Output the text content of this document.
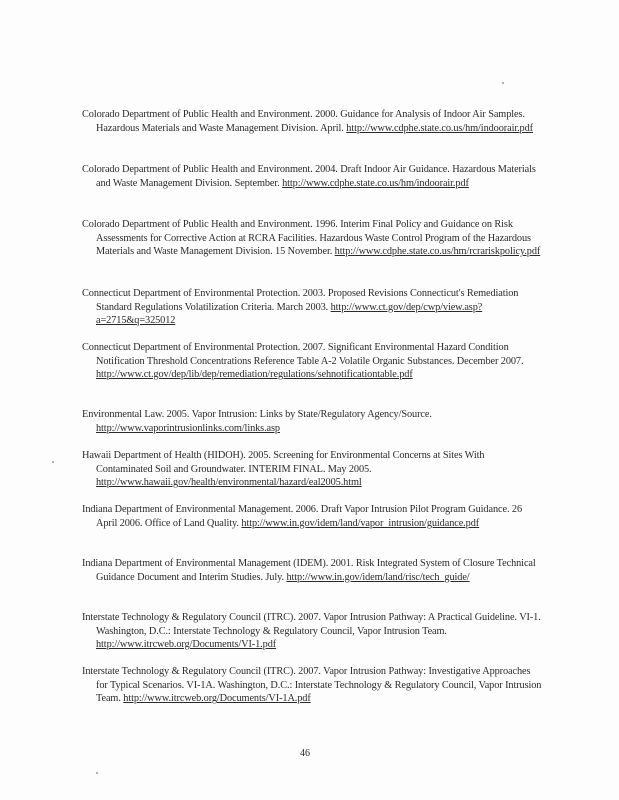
Colorado Department of Public Health and Environment. 2000. Guidance for Analysis of Indoor Air Samples. Hazardous Materials and Waste Management Division. April. http://www.cdphe.state.co.us/hm/indoorair.pdf
Colorado Department of Public Health and Environment. 2004. Draft Indoor Air Guidance. Hazardous Materials and Waste Management Division. September. http://www.cdphe.state.co.us/hm/indoorair.pdf
Colorado Department of Public Health and Environment. 1996. Interim Final Policy and Guidance on Risk Assessments for Corrective Action at RCRA Facilities. Hazardous Waste Control Program of the Hazardous Materials and Waste Management Division. 15 November. http://www.cdphe.state.co.us/hm/rcrariskpolicy.pdf
Connecticut Department of Environmental Protection. 2003. Proposed Revisions Connecticut's Remediation Standard Regulations Volatilization Criteria. March 2003. http://www.ct.gov/dep/cwp/view.asp?a=2715&q=325012
Connecticut Department of Environmental Protection. 2007. Significant Environmental Hazard Condition Notification Threshold Concentrations Reference Table A-2 Volatile Organic Substances. December 2007. http://www.ct.gov/dep/lib/dep/remediation/regulations/sehnotificationtable.pdf
Environmental Law. 2005. Vapor Intrusion: Links by State/Regulatory Agency/Source. http://www.vaporintrusionlinks.com/links.asp
Hawaii Department of Health (HIDOH). 2005. Screening for Environmental Concerns at Sites With Contaminated Soil and Groundwater. INTERIM FINAL. May 2005. http://www.hawaii.gov/health/environmental/hazard/eal2005.html
Indiana Department of Environmental Management. 2006. Draft Vapor Intrusion Pilot Program Guidance. 26 April 2006. Office of Land Quality. http://www.in.gov/idem/land/vapor_intrusion/guidance.pdf
Indiana Department of Environmental Management (IDEM). 2001. Risk Integrated System of Closure Technical Guidance Document and Interim Studies. July. http://www.in.gov/idem/land/risc/tech_guide/
Interstate Technology & Regulatory Council (ITRC). 2007. Vapor Intrusion Pathway: A Practical Guideline. VI-1. Washington, D.C.: Interstate Technology & Regulatory Council, Vapor Intrusion Team. http://www.itrcweb.org/Documents/VI-1.pdf
Interstate Technology & Regulatory Council (ITRC). 2007. Vapor Intrusion Pathway: Investigative Approaches for Typical Scenarios. VI-1A. Washington, D.C.: Interstate Technology & Regulatory Council, Vapor Intrusion Team. http://www.itrcweb.org/Documents/VI-1A.pdf
46
